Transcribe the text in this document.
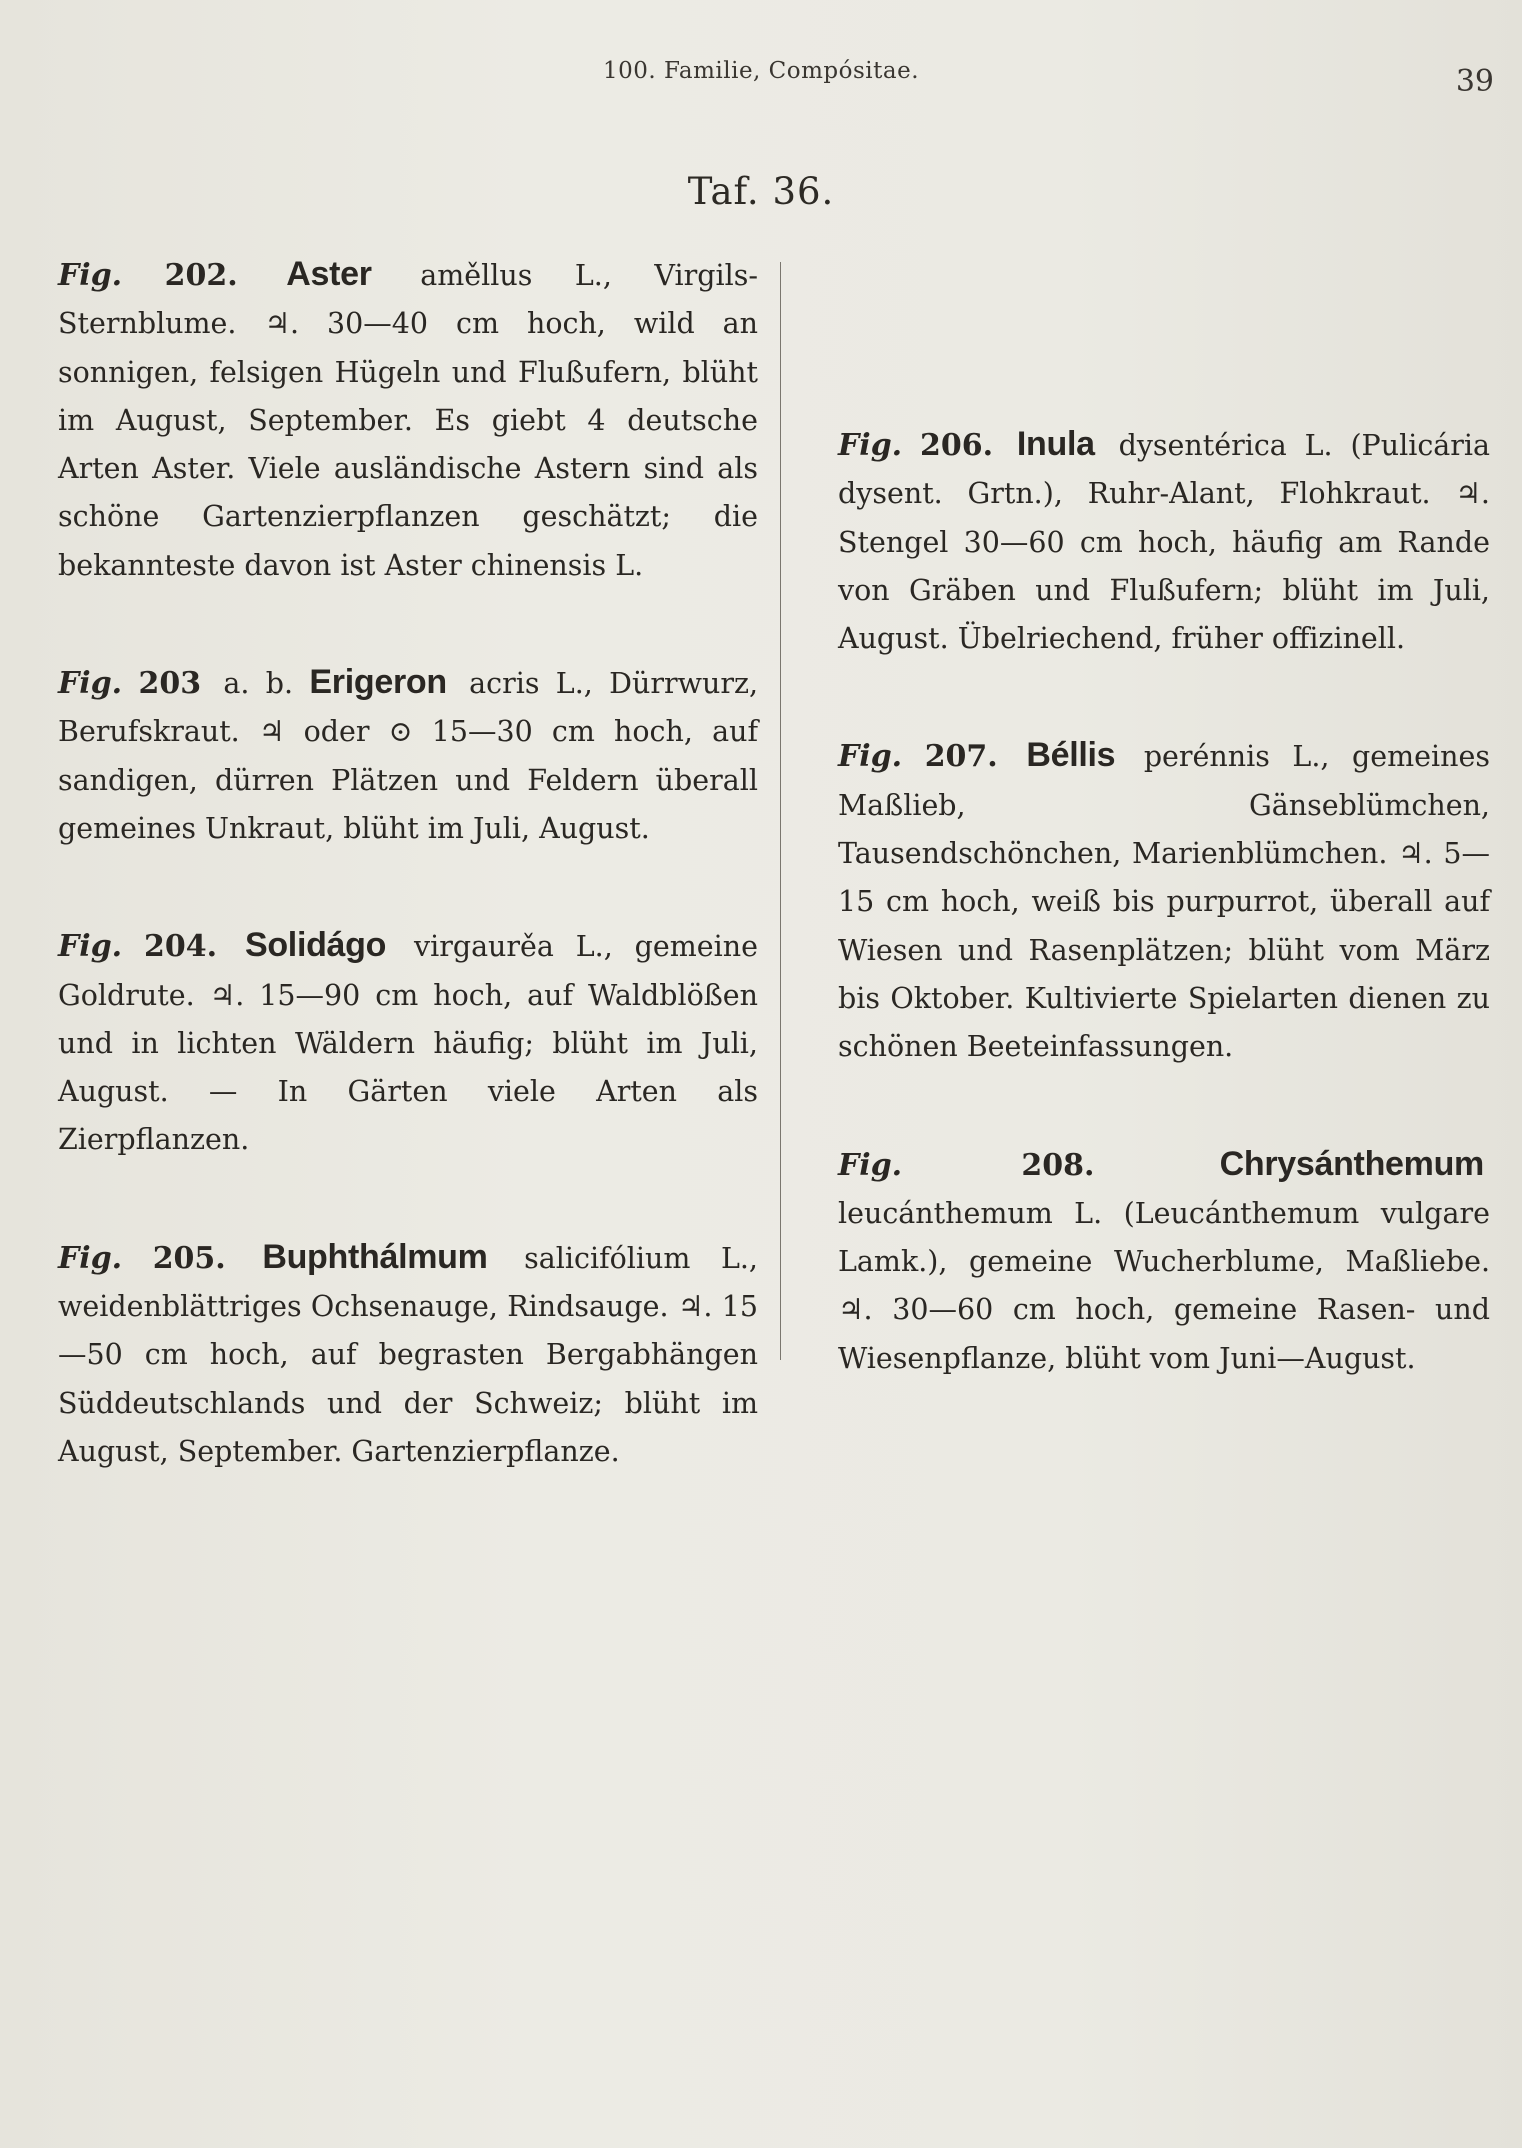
100. Familie, Compósitae.	39
Taf. 36.

Fig. 202. Aster aměllus L., Virgils-Sternblume. ♃. 30—40 cm hoch, wild an sonnigen, felsigen Hügeln und Flußufern, blüht im August, September. Es giebt 4 deutsche Arten Aster. Viele ausländische Astern sind als schöne Gartenzierpflanzen geschätzt; die bekannteste davon ist Aster chinensis L.

Fig. 203 a. b. Erigeron acris L., Dürrwurz, Berufskraut. ♃ oder ⊙ 15—30 cm hoch, auf sandigen, dürren Plätzen und Feldern überall gemeines Unkraut, blüht im Juli, August.

Fig. 204. Solidágo virgaurěa L., gemeine Goldrute. ♃. 15—90 cm hoch, auf Waldblößen und in lichten Wäldern häufig; blüht im Juli, August. — In Gärten viele Arten als Zierpflanzen.

Fig. 205. Buphthálmum salicifólium L., weidenblättriges Ochsenauge, Rindsauge. ♃. 15—50 cm hoch, auf begrasten Bergabhängen Süddeutschlands und der Schweiz; blüht im August, September. Gartenzierpflanze.

Fig. 206. Inula dysentérica L. (Pulicária dysent. Grtn.), Ruhr-Alant, Flohkraut. ♃. Stengel 30—60 cm hoch, häufig am Rande von Gräben und Flußufern; blüht im Juli, August. Übelriechend, früher offizinell.

Fig. 207. Béllis perénnis L., gemeines Maßlieb, Gänseblümchen, Tausendschönchen, Marienblümchen. ♃. 5—15 cm hoch, weiß bis purpurrot, überall auf Wiesen und Rasenplätzen; blüht vom März bis Oktober. Kultivierte Spielarten dienen zu schönen Beeteinfassungen.

Fig.	208.	Chrysánthemum leucánthemum L. (Leucánthemum vulgare Lamk.), gemeine Wucherblume, Maßliebe. ♃. 30—60 cm hoch, gemeine Rasen- und Wiesenpflanze, blüht vom Juni—August.
